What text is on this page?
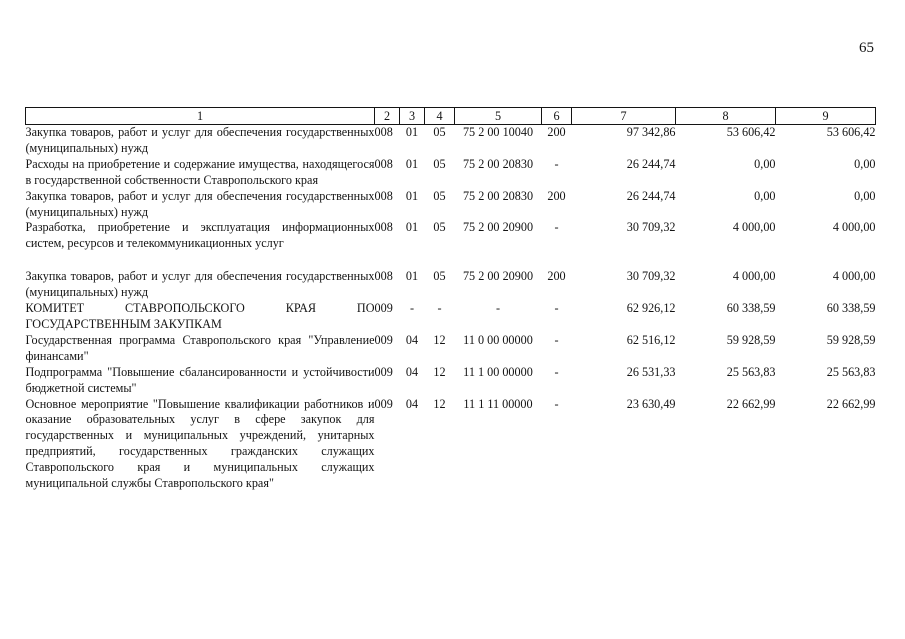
65
1	2	3	4	5	6	7	8	9
Закупка товаров, работ и услуг для обеспечения государственных (муниципальных) нужд	008	01	05	75 2 00 10040	200	97 342,86	53 606,42	53 606,42
Расходы на приобретение и содержание имущества, находящегося в государственной собственности Ставропольского края	008	01	05	75 2 00 20830	-	26 244,74	0,00	0,00
Закупка товаров, работ и услуг для обеспечения государственных (муниципальных) нужд	008	01	05	75 2 00 20830	200	26 244,74	0,00	0,00
Разработка, приобретение и эксплуатация информационных систем, ресурсов и телекоммуникационных услуг	008	01	05	75 2 00 20900	-	30 709,32	4 000,00	4 000,00

Закупка товаров, работ и услуг для обеспечения государственных (муниципальных) нужд	008	01	05	75 2 00 20900	200	30 709,32	4 000,00	4 000,00
КОМИТЕТ СТАВРОПОЛЬСКОГО КРАЯ ПО ГОСУДАРСТВЕННЫМ ЗАКУПКАМ	009	-	-	-	-	62 926,12	60 338,59	60 338,59
Государственная программа Ставропольского края "Управление финансами"	009	04	12	11 0 00 00000	-	62 516,12	59 928,59	59 928,59
Подпрограмма "Повышение сбалансированности и устойчивости бюджетной системы"	009	04	12	11 1 00 00000	-	26 531,33	25 563,83	25 563,83
Основное мероприятие "Повышение квалификации работников и оказание образовательных услуг в сфере закупок для государственных и муниципальных учреждений, унитарных предприятий, государственных гражданских служащих Ставропольского края и муниципальных служащих муниципальной службы Ставропольского края"	009	04	12	11 1 11 00000	-	23 630,49	22 662,99	22 662,99
